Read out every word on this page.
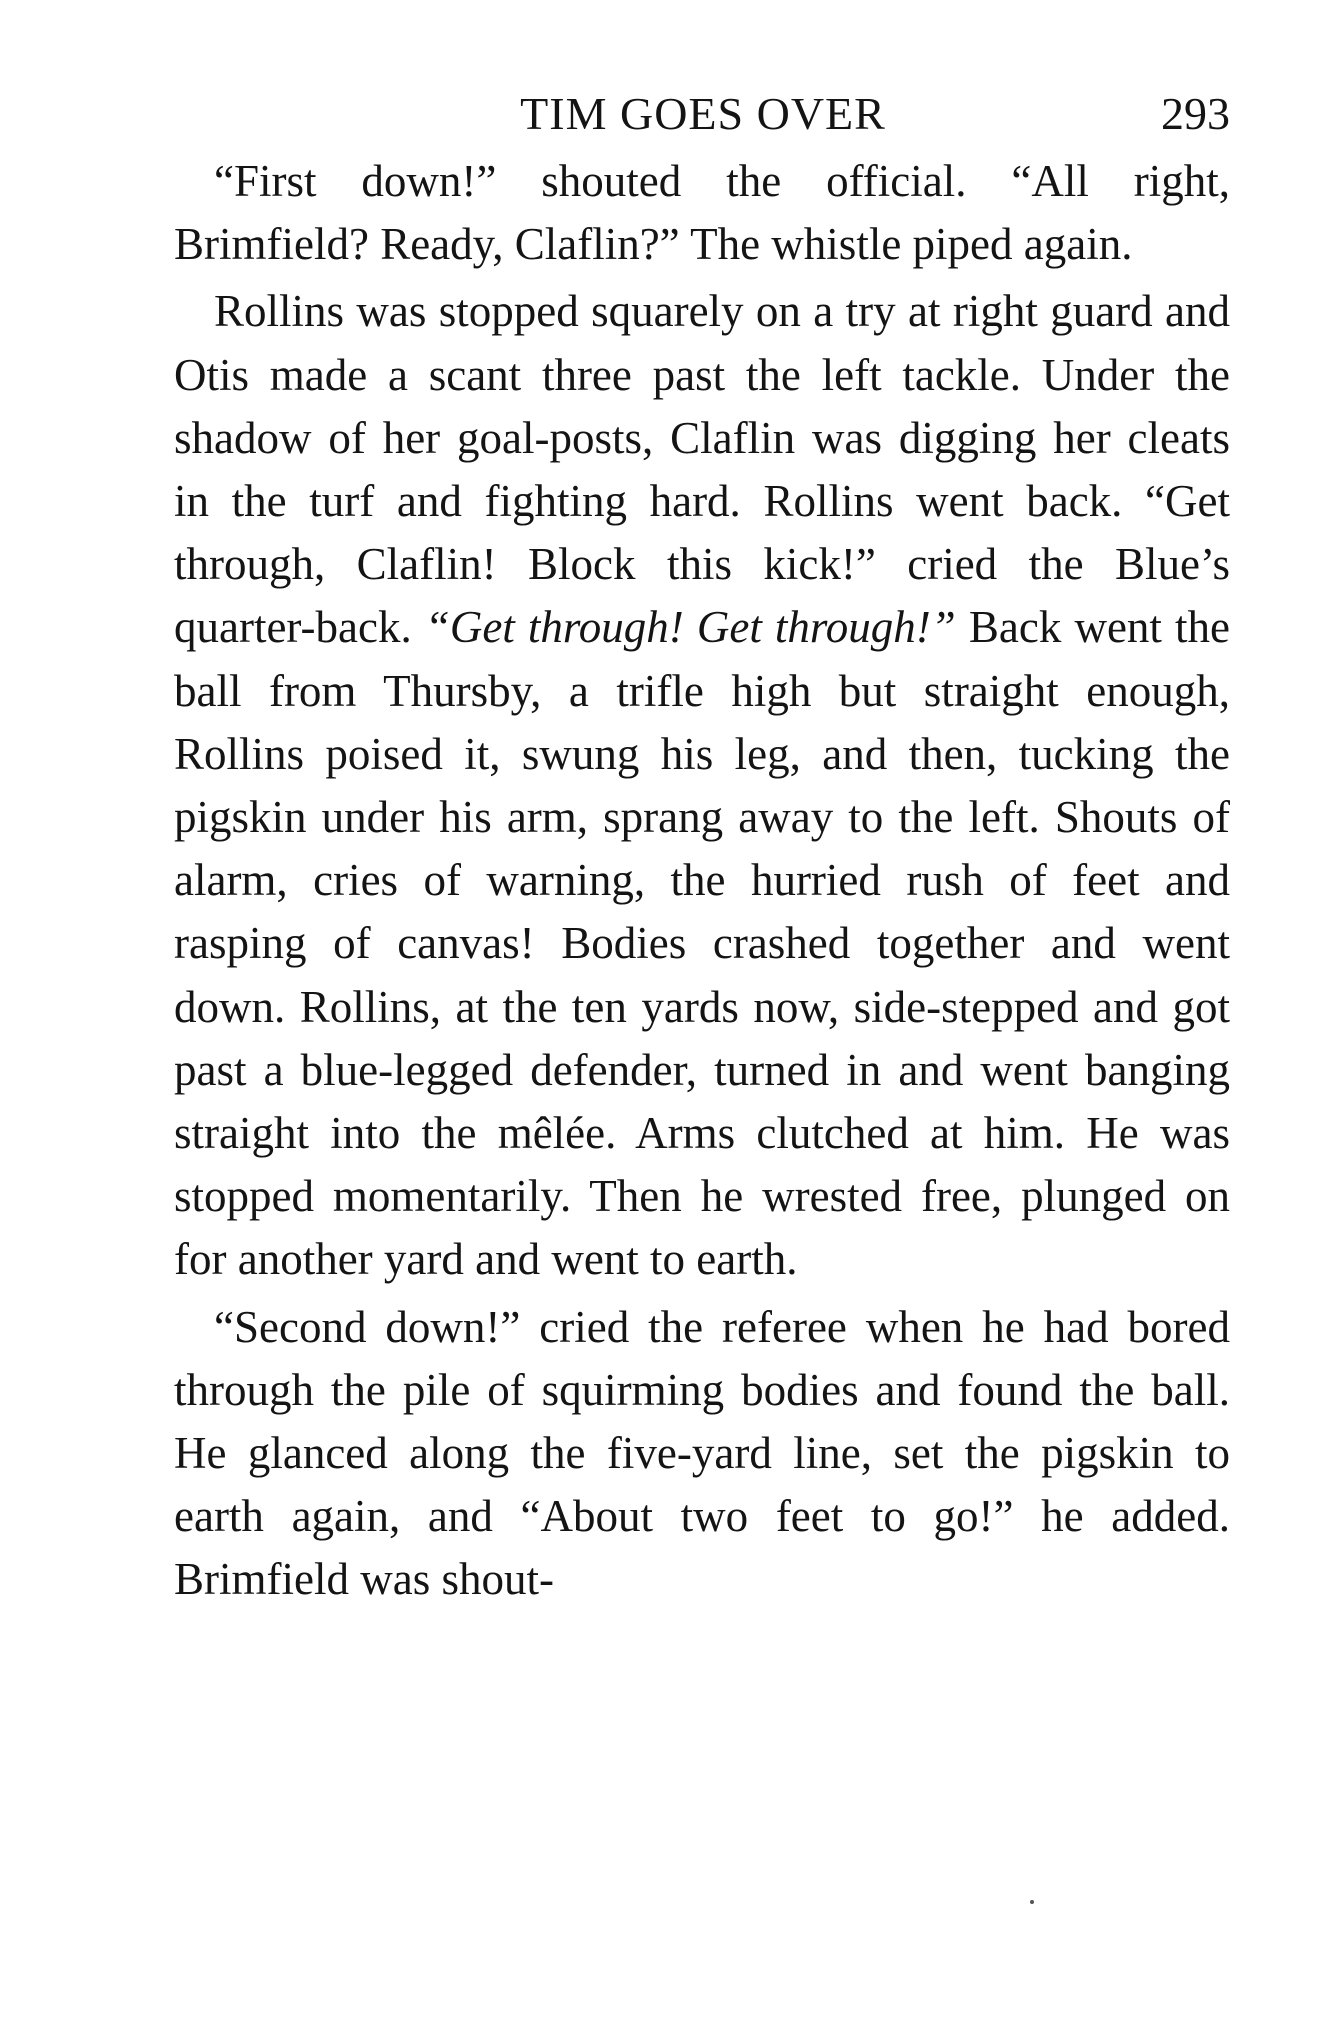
TIM GOES OVER	293

“First down!” shouted the official. “All right, Brimfield? Ready, Claflin?” The whistle piped again.

Rollins was stopped squarely on a try at right guard and Otis made a scant three past the left tackle. Under the shadow of her goal-posts, Claflin was digging her cleats in the turf and fighting hard. Rollins went back. “Get through, Claflin! Block this kick!” cried the Blue’s quarter-back. “Get through! Get through!” Back went the ball from Thursby, a trifle high but straight enough, Rollins poised it, swung his leg, and then, tucking the pigskin under his arm, sprang away to the left. Shouts of alarm, cries of warning, the hurried rush of feet and rasping of canvas! Bodies crashed together and went down. Rollins, at the ten yards now, side-stepped and got past a blue-legged defender, turned in and went banging straight into the mêlée. Arms clutched at him. He was stopped momentarily. Then he wrested free, plunged on for another yard and went to earth.

“Second down!” cried the referee when he had bored through the pile of squirming bodies and found the ball. He glanced along the five-yard line, set the pigskin to earth again, and “About two feet to go!” he added. Brimfield was shout-
